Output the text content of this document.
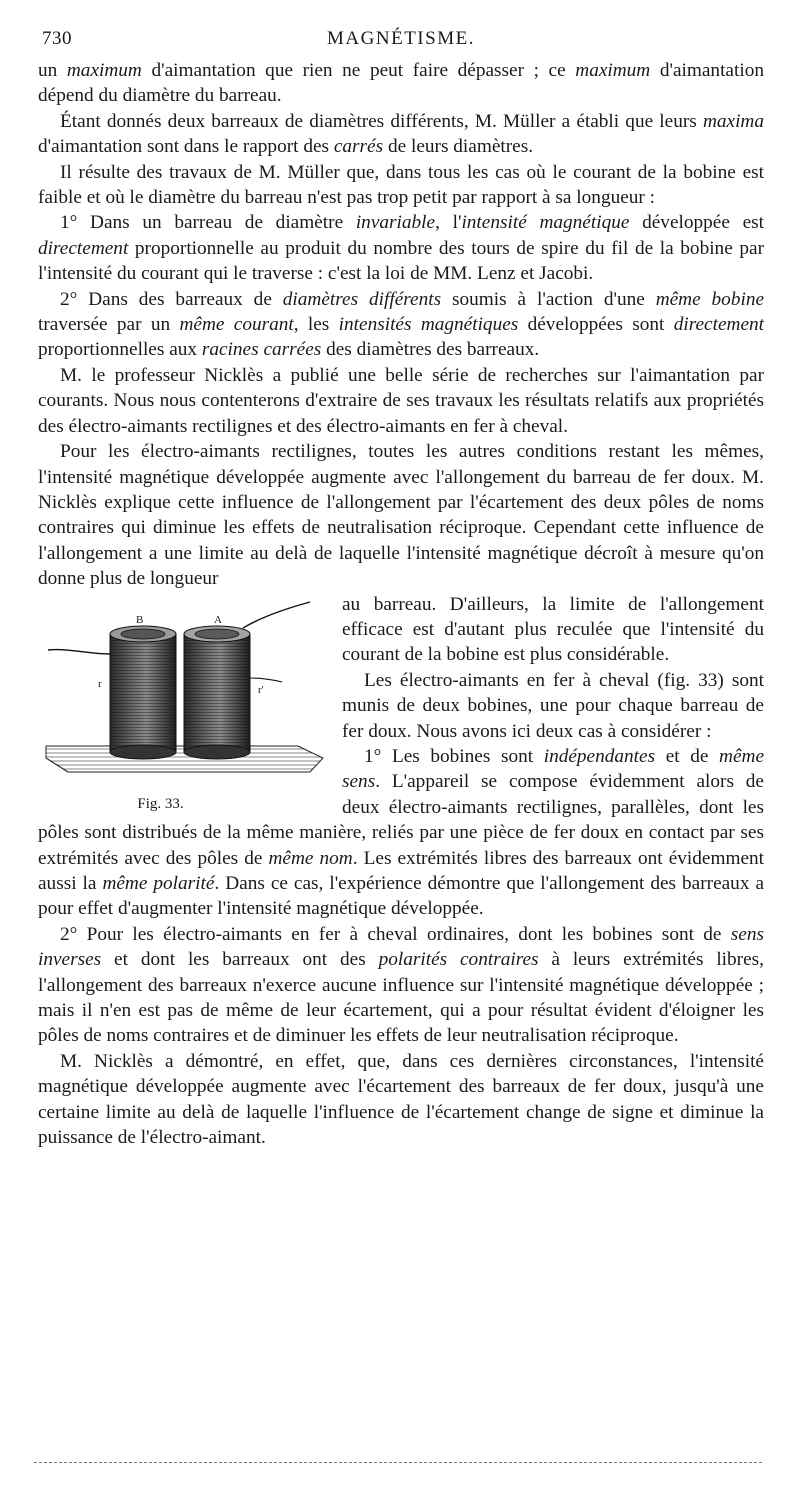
730	MAGNÉTISME.

un maximum d'aimantation que rien ne peut faire dépasser ; ce maximum d'aimantation dépend du diamètre du barreau.

Étant donnés deux barreaux de diamètres différents, M. Müller a établi que leurs maxima d'aimantation sont dans le rapport des carrés de leurs diamètres.

Il résulte des travaux de M. Müller que, dans tous les cas où le courant de la bobine est faible et où le diamètre du barreau n'est pas trop petit par rapport à sa longueur :

1° Dans un barreau de diamètre invariable, l'intensité magnétique développée est directement proportionnelle au produit du nombre des tours de spire du fil de la bobine par l'intensité du courant qui le traverse : c'est la loi de MM. Lenz et Jacobi.

2° Dans des barreaux de diamètres différents soumis à l'action d'une même bobine traversée par un même courant, les intensités magnétiques développées sont directement proportionnelles aux racines carrées des diamètres des barreaux.

M. le professeur Nicklès a publié une belle série de recherches sur l'aimantation par courants. Nous nous contenterons d'extraire de ses travaux les résultats relatifs aux propriétés des électro-aimants rectilignes et des électro-aimants en fer à cheval.

Pour les électro-aimants rectilignes, toutes les autres conditions restant les mêmes, l'intensité magnétique développée augmente avec l'allongement du barreau de fer doux. M. Nicklès explique cette influence de l'allongement par l'écartement des deux pôles de noms contraires qui diminue les effets de neutralisation réciproque. Cependant cette influence de l'allongement a une limite au delà de laquelle l'intensité magnétique décroît à mesure qu'on donne plus de longueur

B	A
r	r'
Fig. 33.
au barreau. D'ailleurs, la limite de l'allongement efficace est d'autant plus reculée que l'intensité du courant de la bobine est plus considérable.

Les électro-aimants en fer à cheval (fig. 33) sont munis de deux bobines, une pour chaque barreau de fer doux. Nous avons ici deux cas à considérer :

1° Les bobines sont indépendantes et de même sens. L'appareil se compose évidemment alors de deux électro-aimants rectilignes, parallèles, dont les pôles sont distribués de la même manière, reliés par une pièce de fer doux en contact par ses extrémités avec des pôles de même nom. Les extrémités libres des barreaux ont évidemment aussi la même polarité. Dans ce cas, l'expérience démontre que l'allongement des barreaux a pour effet d'augmenter l'intensité magnétique développée.

2° Pour les électro-aimants en fer à cheval ordinaires, dont les bobines sont de sens inverses et dont les barreaux ont des polarités contraires à leurs extrémités libres, l'allongement des barreaux n'exerce aucune influence sur l'intensité magnétique développée ; mais il n'en est pas de même de leur écartement, qui a pour résultat évident d'éloigner les pôles de noms contraires et de diminuer les effets de leur neutralisation réciproque.

M. Nicklès a démontré, en effet, que, dans ces dernières circonstances, l'intensité magnétique développée augmente avec l'écartement des barreaux de fer doux, jusqu'à une certaine limite au delà de laquelle l'influence de l'écartement change de signe et diminue la puissance de l'électro-aimant.
